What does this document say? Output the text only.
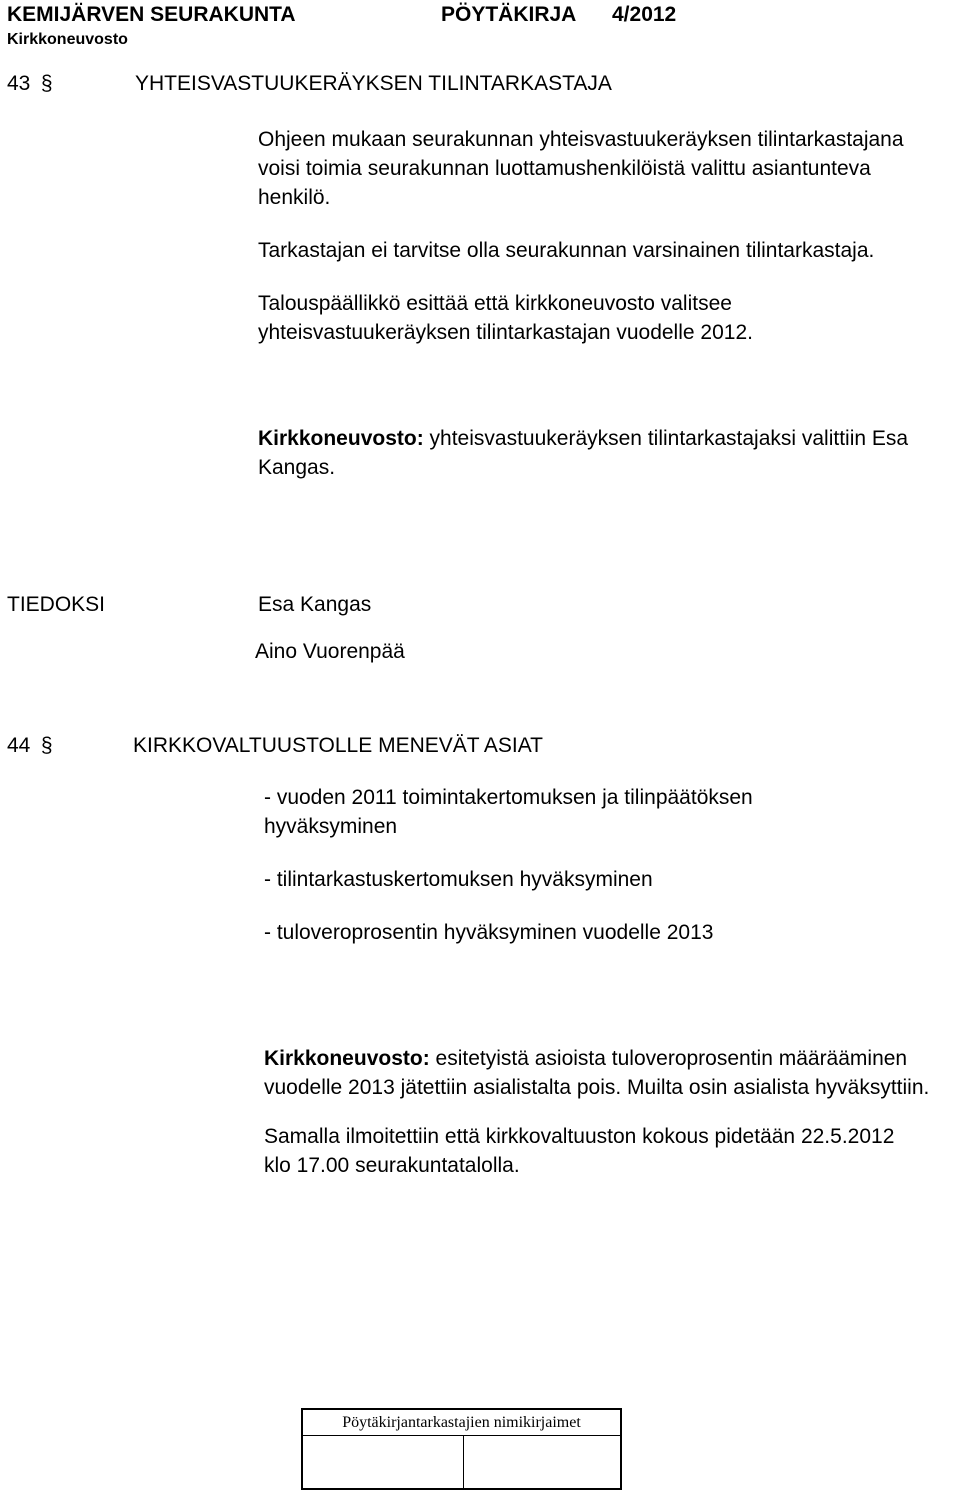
KEMIJÄRVEN SEURAKUNTA	PÖYTÄKIRJA 4/2012
Kirkkoneuvosto
43 §	YHTEISVASTUUKERÄYKSEN TILINTARKASTAJA

Ohjeen mukaan seurakunnan yhteisvastuukeräyksen tilintarkastajana voisi toimia seurakunnan luottamushenkilöistä valittu asiantunteva henkilö.

Tarkastajan ei tarvitse olla seurakunnan varsinainen tilintarkastaja.

Talouspäällikkö esittää että kirkkoneuvosto valitsee yhteisvastuukeräyksen tilintarkastajan vuodelle 2012.

Kirkkoneuvosto: yhteisvastuukeräyksen tilintarkastajaksi valittiin Esa Kangas.
TIEDOKSI	Esa Kangas
Aino Vuorenpää
44 §	KIRKKOVALTUUSTOLLE MENEVÄT ASIAT

- vuoden 2011 toimintakertomuksen ja tilinpäätöksen hyväksyminen

- tilintarkastuskertomuksen hyväksyminen

- tuloveroprosentin hyväksyminen vuodelle 2013

Kirkkoneuvosto: esitetyistä asioista tuloveroprosentin määrääminen vuodelle 2013 jätettiin asialistalta pois. Muilta osin asialista hyväksyttiin.

Samalla ilmoitettiin että kirkkovaltuuston kokous pidetään 22.5.2012 klo 17.00 seurakuntatalolla.

Pöytäkirjantarkastajien nimikirjaimet
